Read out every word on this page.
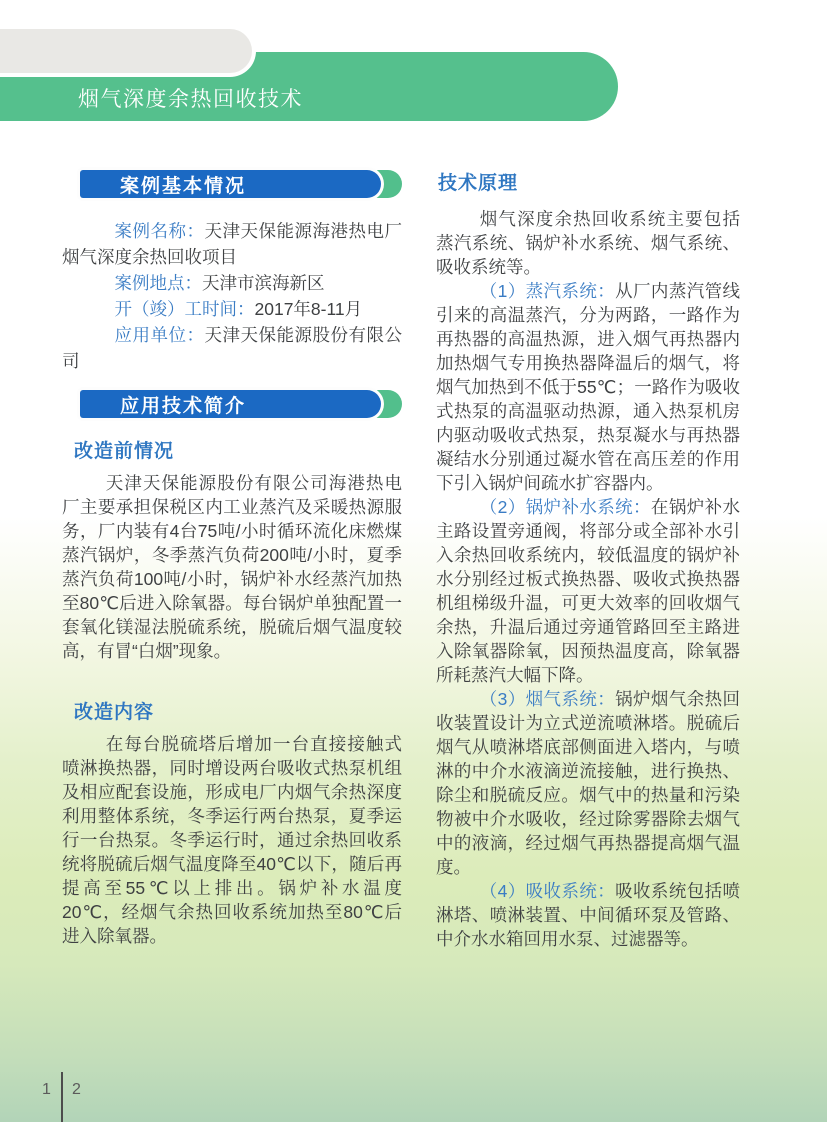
烟气深度余热回收技术
案例基本情况

案例名称：天津天保能源海港热电厂烟气深度余热回收项目

案例地点：天津市滨海新区

开（竣）工时间：2017年8-11月

应用单位：天津天保能源股份有限公司

应用技术简介
改造前情况

天津天保能源股份有限公司海港热电厂主要承担保税区内工业蒸汽及采暖热源服务，厂内装有4台75吨/小时循环流化床燃煤蒸汽锅炉，冬季蒸汽负荷200吨/小时，夏季蒸汽负荷100吨/小时，锅炉补水经蒸汽加热至80℃后进入除氧器。每台锅炉单独配置一套氧化镁湿法脱硫系统，脱硫后烟气温度较高，有冒“白烟”现象。

改造内容

在每台脱硫塔后增加一台直接接触式喷淋换热器，同时增设两台吸收式热泵机组及相应配套设施，形成电厂内烟气余热深度利用整体系统，冬季运行两台热泵，夏季运行一台热泵。冬季运行时，通过余热回收系统将脱硫后烟气温度降至40℃以下，随后再提高至55℃以上排出。锅炉补水温度20℃，经烟气余热回收系统加热至80℃后进入除氧器。

技术原理

烟气深度余热回收系统主要包括蒸汽系统、锅炉补水系统、烟气系统、吸收系统等。

（1）蒸汽系统：从厂内蒸汽管线引来的高温蒸汽，分为两路，一路作为再热器的高温热源，进入烟气再热器内加热烟气专用换热器降温后的烟气，将烟气加热到不低于55℃；一路作为吸收式热泵的高温驱动热源，通入热泵机房内驱动吸收式热泵，热泵凝水与再热器凝结水分别通过凝水管在高压差的作用下引入锅炉间疏水扩容器内。

（2）锅炉补水系统：在锅炉补水主路设置旁通阀，将部分或全部补水引入余热回收系统内，较低温度的锅炉补水分别经过板式换热器、吸收式换热器机组梯级升温，可更大效率的回收烟气余热，升温后通过旁通管路回至主路进入除氧器除氧，因预热温度高，除氧器所耗蒸汽大幅下降。

（3）烟气系统：锅炉烟气余热回收装置设计为立式逆流喷淋塔。脱硫后烟气从喷淋塔底部侧面进入塔内，与喷淋的中介水液滴逆流接触，进行换热、除尘和脱硫反应。烟气中的热量和污染物被中介水吸收，经过除雾器除去烟气中的液滴，经过烟气再热器提高烟气温度。

（4）吸收系统：吸收系统包括喷淋塔、喷淋装置、中间循环泵及管路、中介水水箱回用水泵、过滤器等。

1 2
